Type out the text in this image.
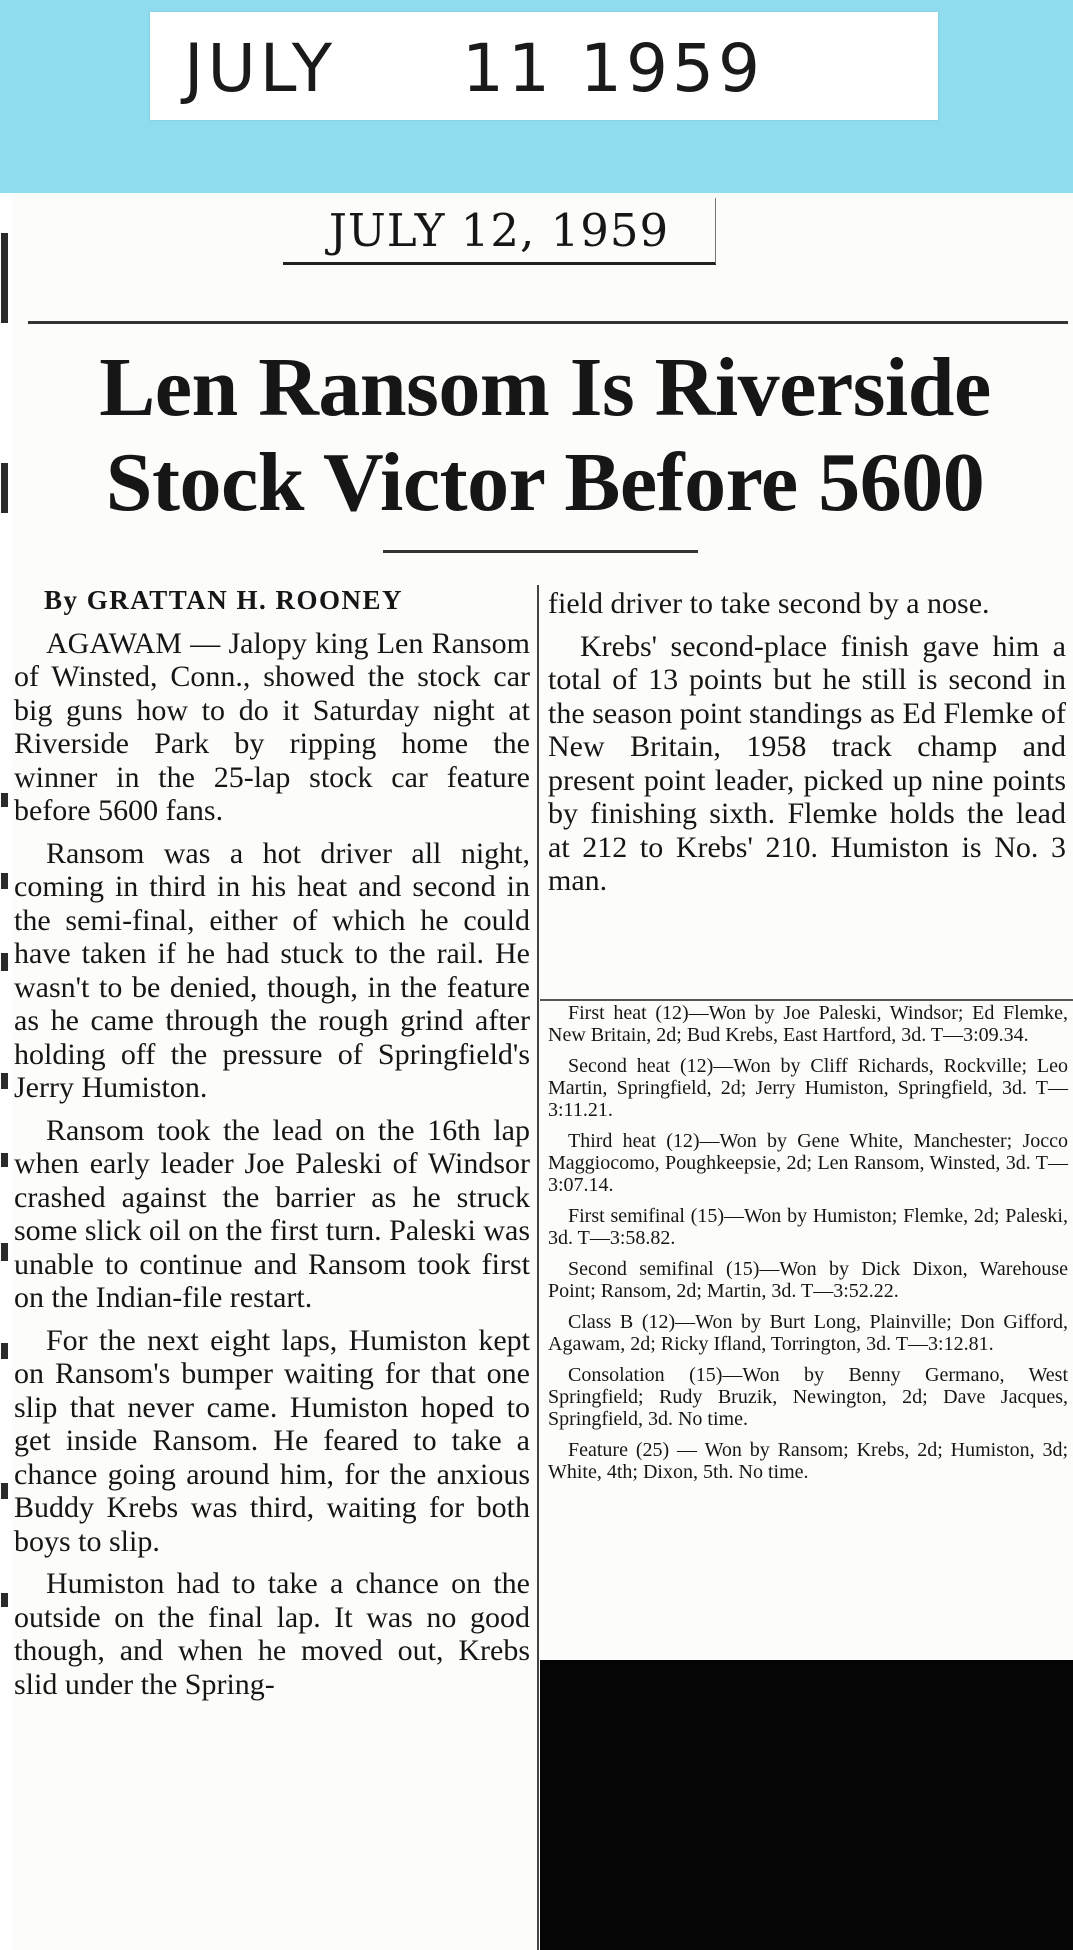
JULY 11 1959
JULY 12, 1959
Len Ransom Is Riverside
Stock Victor Before 5600

By GRATTAN H. ROONEY

AGAWAM — Jalopy king Len Ransom of Winsted, Conn., showed the stock car big guns how to do it Saturday night at Riverside Park by ripping home the winner in the 25-lap stock car feature before 5600 fans.

Ransom was a hot driver all night, coming in third in his heat and second in the semi-final, either of which he could have taken if he had stuck to the rail. He wasn't to be denied, though, in the feature as he came through the rough grind after holding off the pressure of Springfield's Jerry Humiston.

Ransom took the lead on the 16th lap when early leader Joe Paleski of Windsor crashed against the barrier as he struck some slick oil on the first turn. Paleski was unable to continue and Ransom took first on the Indian-file restart.

For the next eight laps, Humiston kept on Ransom's bumper waiting for that one slip that never came. Humiston hoped to get inside Ransom. He feared to take a chance going around him, for the anxious Buddy Krebs was third, waiting for both boys to slip.

Humiston had to take a chance on the outside on the final lap. It was no good though, and when he moved out, Krebs slid under the Spring-

field driver to take second by a nose.

Krebs' second-place finish gave him a total of 13 points but he still is second in the season point standings as Ed Flemke of New Britain, 1958 track champ and present point leader, picked up nine points by finishing sixth. Flemke holds the lead at 212 to Krebs' 210. Humiston is No. 3 man.

First heat (12)—Won by Joe Paleski, Windsor; Ed Flemke, New Britain, 2d; Bud Krebs, East Hartford, 3d. T—3:09.34.

Second heat (12)—Won by Cliff Richards, Rockville; Leo Martin, Springfield, 2d; Jerry Humiston, Springfield, 3d. T—3:11.21.

Third heat (12)—Won by Gene White, Manchester; Jocco Maggiocomo, Poughkeepsie, 2d; Len Ransom, Winsted, 3d. T—3:07.14.

First semifinal (15)—Won by Humiston; Flemke, 2d; Paleski, 3d. T—3:58.82.

Second semifinal (15)—Won by Dick Dixon, Warehouse Point; Ransom, 2d; Martin, 3d. T—3:52.22.

Class B (12)—Won by Burt Long, Plainville; Don Gifford, Agawam, 2d; Ricky Ifland, Torrington, 3d. T—3:12.81.

Consolation (15)—Won by Benny Germano, West Springfield; Rudy Bruzik, Newington, 2d; Dave Jacques, Springfield, 3d. No time.

Feature (25) — Won by Ransom; Krebs, 2d; Humiston, 3d; White, 4th; Dixon, 5th. No time.
